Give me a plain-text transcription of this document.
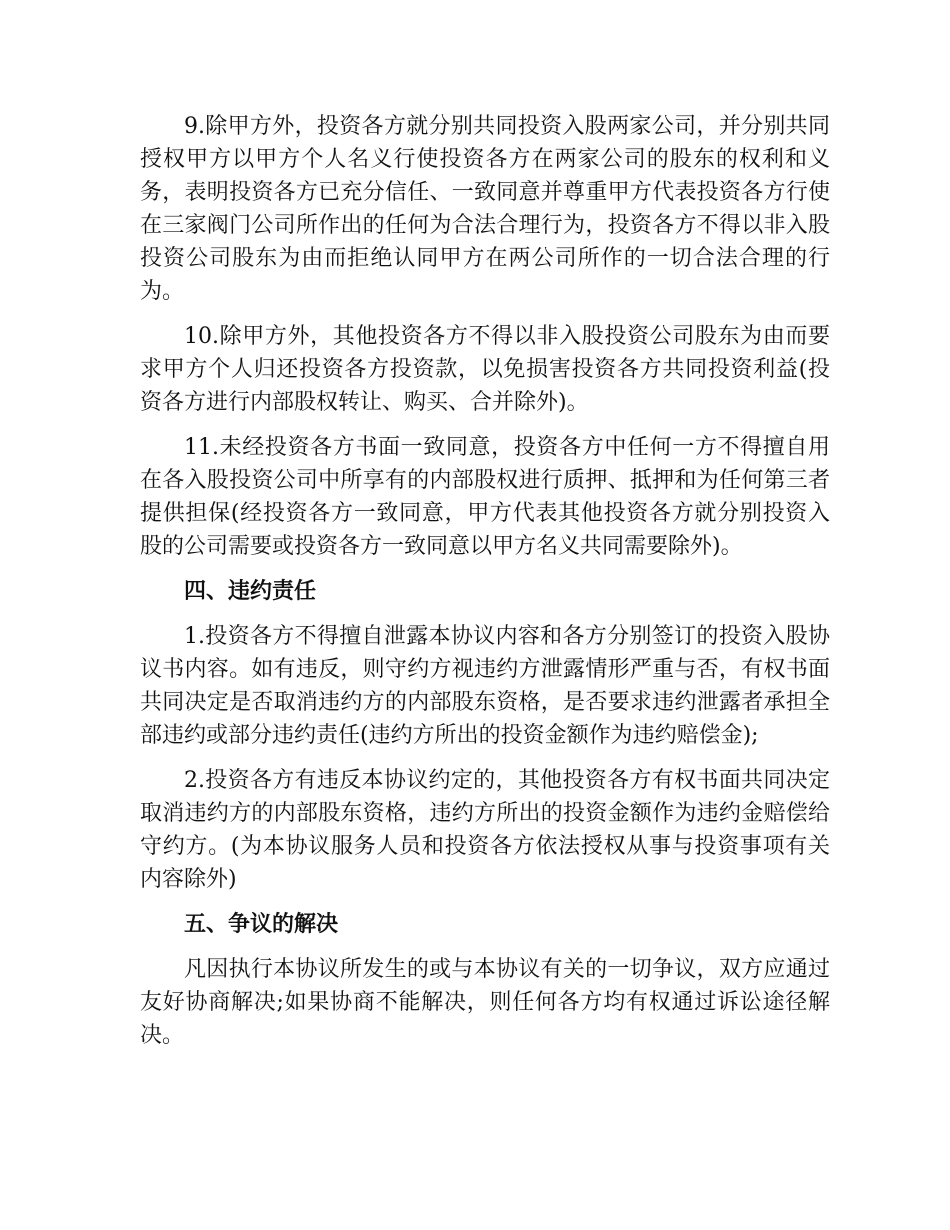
9.除甲方外，投资各方就分别共同投资入股两家公司，并分别共同授权甲方以甲方个人名义行使投资各方在两家公司的股东的权利和义务，表明投资各方已充分信任、一致同意并尊重甲方代表投资各方行使在三家阀门公司所作出的任何为合法合理行为，投资各方不得以非入股投资公司股东为由而拒绝认同甲方在两公司所作的一切合法合理的行为。

10.除甲方外，其他投资各方不得以非入股投资公司股东为由而要求甲方个人归还投资各方投资款，以免损害投资各方共同投资利益(投资各方进行内部股权转让、购买、合并除外)。

11.未经投资各方书面一致同意，投资各方中任何一方不得擅自用在各入股投资公司中所享有的内部股权进行质押、抵押和为任何第三者提供担保(经投资各方一致同意，甲方代表其他投资各方就分别投资入股的公司需要或投资各方一致同意以甲方名义共同需要除外)。

四、违约责任

1.投资各方不得擅自泄露本协议内容和各方分别签订的投资入股协议书内容。如有违反，则守约方视违约方泄露情形严重与否，有权书面共同决定是否取消违约方的内部股东资格，是否要求违约泄露者承担全部违约或部分违约责任(违约方所出的投资金额作为违约赔偿金);

2.投资各方有违反本协议约定的，其他投资各方有权书面共同决定取消违约方的内部股东资格，违约方所出的投资金额作为违约金赔偿给守约方。(为本协议服务人员和投资各方依法授权从事与投资事项有关内容除外)

五、争议的解决

凡因执行本协议所发生的或与本协议有关的一切争议，双方应通过友好协商解决;如果协商不能解决，则任何各方均有权通过诉讼途径解决。
